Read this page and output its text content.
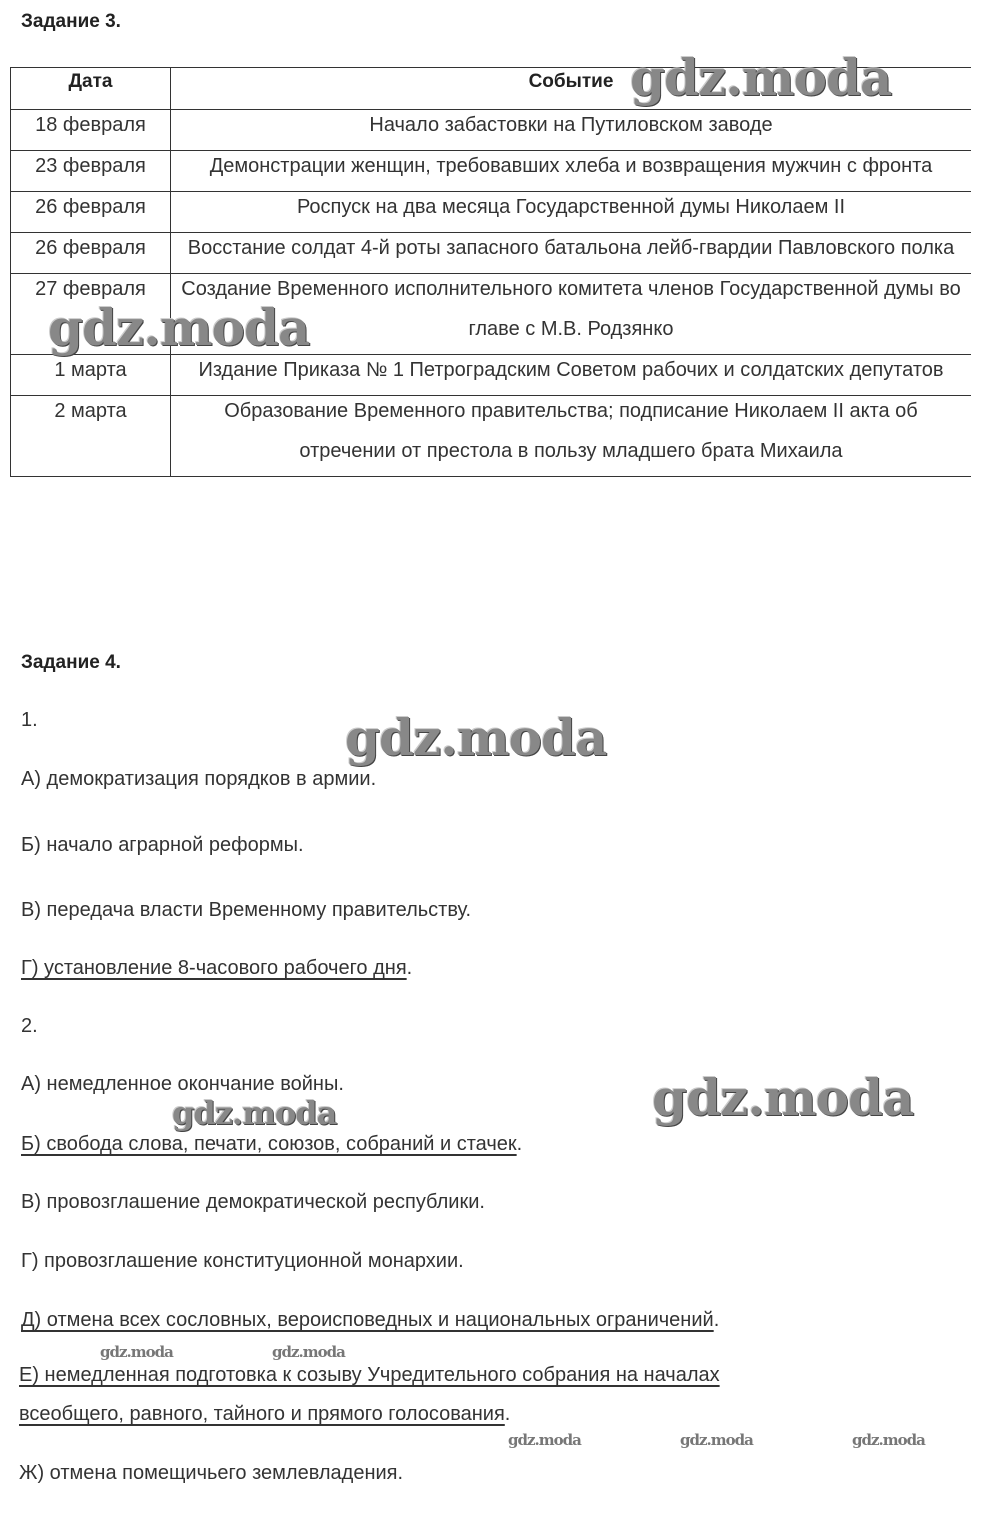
Задание 3.
Дата	Событие

18 февраля	Начало забастовки на Путиловском заводе

23 февраля	Демонстрации женщин, требовавших хлеба и возвращения мужчин с фронта

26 февраля	Роспуск на два месяца Государственной думы Николаем II

26 февраля	Восстание солдат 4-й роты запасного батальона лейб-гвардии Павловского полка

27 февраля	Создание Временного исполнительного комитета членов Государственной думы во главе с М.В. Родзянко

1 марта	Издание Приказа № 1 Петроградским Советом рабочих и солдатских депутатов

2 марта	Образование Временного правительства; подписание Николаем II акта об отречении от престола в пользу младшего брата Михаила
Задание 4.
1.
А) демократизация порядков в армии.
Б) начало аграрной реформы.
В) передача власти Временному правительству.
Г) установление 8-часового рабочего дня.
2.
А) немедленное окончание войны.
Б) свобода слова, печати, союзов, собраний и стачек.
В) провозглашение демократической республики.
Г) провозглашение конституционной монархии.
Д) отмена всех сословных, вероисповедных и национальных ограничений.
Е) немедленная подготовка к созыву Учредительного собрания на началах
всеобщего, равного, тайного и прямого голосования.
Ж) отмена помещичьего землевладения.
gdz.moda
gdz.moda
gdz.moda
gdz.moda
gdz.moda
gdz.moda	gdz.moda
gdz.moda	gdz.moda	gdz.moda
